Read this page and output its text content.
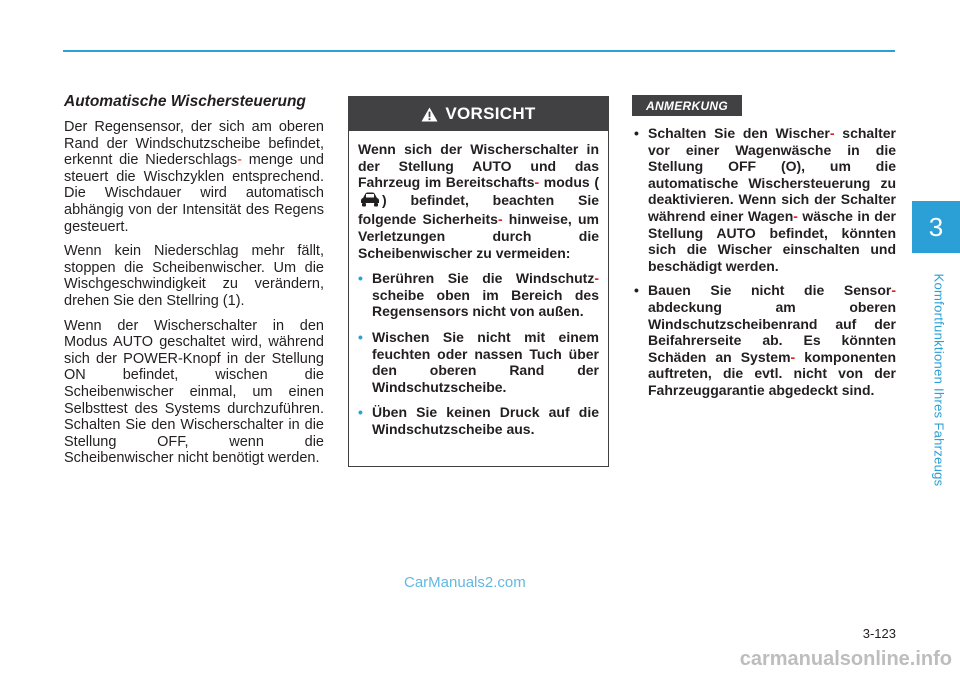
Automatische Wischersteuerung

Der Regensensor, der sich am oberen Rand der Windschutzscheibe befindet, erkennt die Niederschlags- menge und steuert die Wischzyklen entsprechend. Die Wischdauer wird automatisch abhängig von der Intensität des Regens gesteuert.

Wenn kein Niederschlag mehr fällt, stoppen die Scheibenwischer. Um die Wischgeschwindigkeit zu verändern, drehen Sie den Stellring (1).

Wenn der Wischerschalter in den Modus AUTO geschaltet wird, während sich der POWER-Knopf in der Stellung ON befindet, wischen die Scheibenwischer einmal, um einen Selbsttest des Systems durchzuführen. Schalten Sie den Wischerschalter in die Stellung OFF, wenn die Scheibenwischer nicht benötigt werden.

VORSICHT

Wenn sich der Wischerschalter in der Stellung AUTO und das Fahrzeug im Bereitschafts- modus () befindet, beachten Sie folgende Sicherheits- hinweise, um Verletzungen durch die Scheibenwischer zu vermeiden:

• Berühren Sie die Windschutz- scheibe oben im Bereich des Regensensors nicht von außen.
• Wischen Sie nicht mit einem feuchten oder nassen Tuch über den oberen Rand der Windschutzscheibe.
• Üben Sie keinen Druck auf die Windschutzscheibe aus.
ANMERKUNG
• Schalten Sie den Wischer- schalter vor einer Wagenwäsche in die Stellung OFF (O), um die automatische Wischersteuerung zu deaktivieren. Wenn sich der Schalter während einer Wagen- wäsche in der Stellung AUTO befindet, könnten sich die Wischer einschalten und beschädigt werden.
• Bauen Sie nicht die Sensor- abdeckung am oberen Windschutzscheibenrand auf der Beifahrerseite ab. Es könnten Schäden an System- komponenten auftreten, die evtl. nicht von der Fahrzeuggarantie abgedeckt sind.
3
Komfortfunktionen Ihres Fahrzeugs
CarManuals2.com
3-123
carmanualsonline.info
